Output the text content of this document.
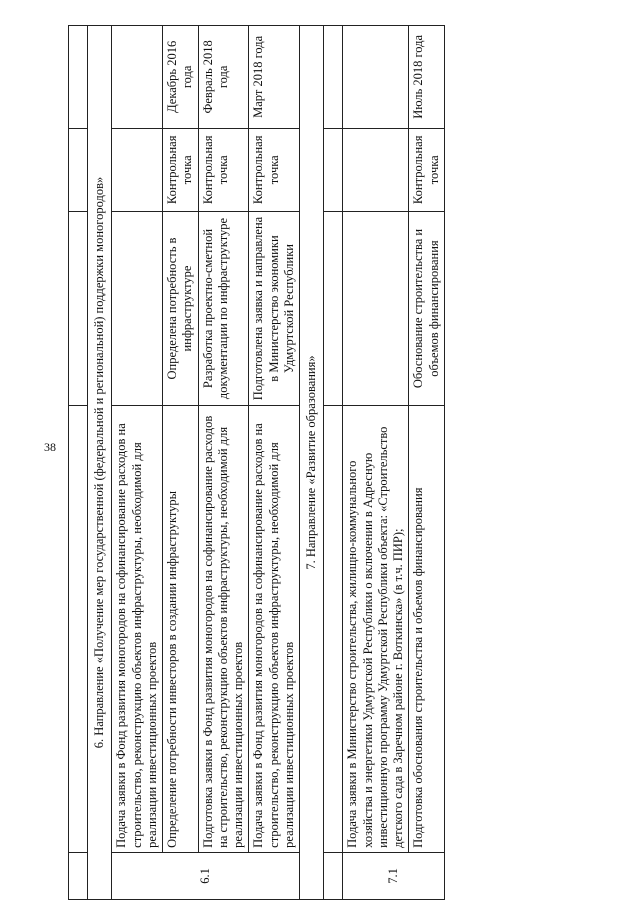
38
					6. Направление «Получение мер государственной (федеральной и региональной) поддержки моногородов»				
6.1	Подача заявки в Фонд развития моногородов на софинансирование расходов на строительство, реконструкцию объектов инфраструктуры, необходимой для реализации инвестиционных проектов			
	Определение потребности инвесторов в создании инфраструктуры	Определена потребность в инфраструктуре	Контрольная точка	Декабрь 2016 года
	Подготовка заявки в Фонд развития моногородов на софинансирование расходов на строительство, реконструкцию объектов инфраструктуры, необходимой для реализации инвестиционных проектов	Разработка проектно-сметной документации по инфраструктуре	Контрольная точка	Февраль 2018 года
	Подача заявки в Фонд развития моногородов на софинансирование расходов на строительство, реконструкцию объектов инфраструктуры, необходимой для реализации инвестиционных проектов	Подготовлена заявка и направлена в Министерство экономики Удмуртской Республики	Контрольная точка	Март 2018 года
7. Направление «Развитие образования»				

7.1	Подача заявки в Министерство строительства, жилищно-коммунального хозяйства и энергетики Удмуртской Республики о включении в Адресную инвестиционную программу Удмуртской Республики объекта: «Строительство детского сада в Заречном районе г. Воткинска» (в т.ч. ПИР);			
	Подготовка обоснования строительства и объемов финансирования	Обоснование строительства и объемов финансирования	Контрольная точка	Июль 2018 года
